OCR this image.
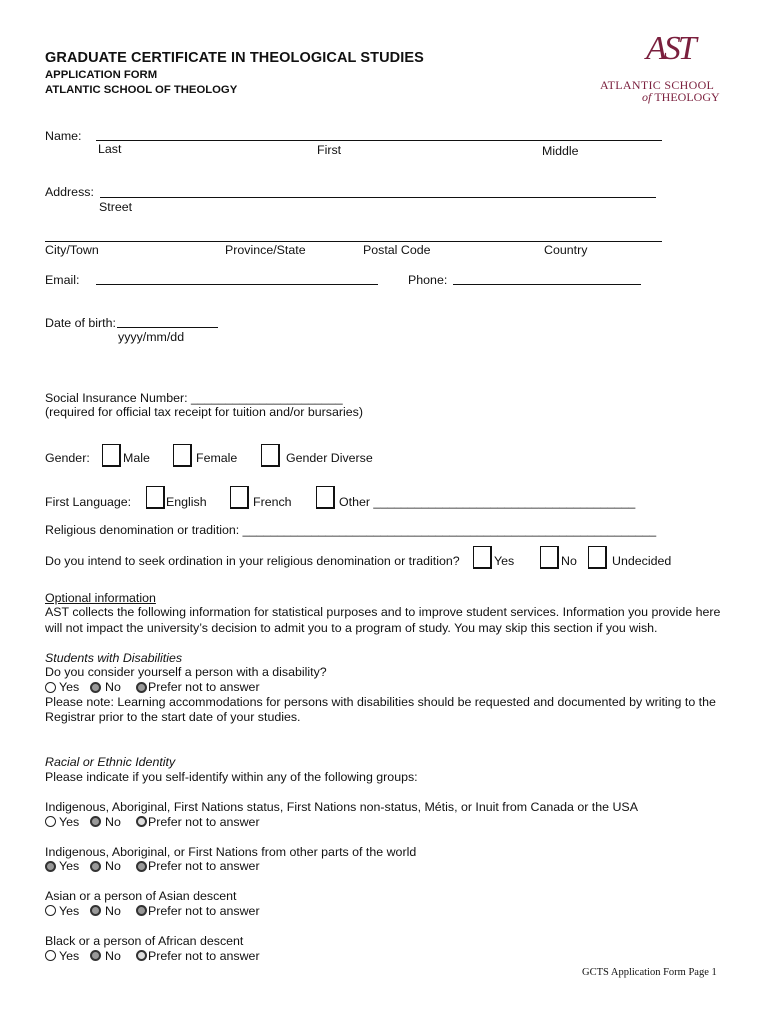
GRADUATE CERTIFICATE IN THEOLOGICAL STUDIES
APPLICATION FORM
ATLANTIC SCHOOL OF THEOLOGY
AST
ATLANTIC SCHOOL
of THEOLOGY
Name:
Last	First	Middle
Address:
Street
City/Town	Province/State	Postal Code	Country
Email:	Phone:
Date of birth:
yyyy/mm/dd
Social Insurance Number: ______________________
(required for official tax receipt for tuition and/or bursaries)
Gender:	Male	Female	Gender Diverse
First Language:	English	French	Other ______________________________________
Religious denomination or tradition: ____________________________________________________________
Do you intend to seek ordination in your religious denomination or tradition?	Yes	No	Undecided
Optional information
AST collects the following information for statistical purposes and to improve student services. Information you provide here
will not impact the university’s decision to admit you to a program of study. You may skip this section if you wish.
Students with Disabilities
Do you consider yourself a person with a disability?
Yes No Prefer not to answer
Please note: Learning accommodations for persons with disabilities should be requested and documented by writing to the
Registrar prior to the start date of your studies.
Racial or Ethnic Identity
Please indicate if you self-identify within any of the following groups:
Indigenous, Aboriginal, First Nations status, First Nations non-status, Métis, or Inuit from Canada or the USA
Yes No Prefer not to answer
Indigenous, Aboriginal, or First Nations from other parts of the world
Yes No Prefer not to answer
Asian or a person of Asian descent
Yes No Prefer not to answer
Black or a person of African descent
Yes No Prefer not to answer
GCTS Application Form Page 1
